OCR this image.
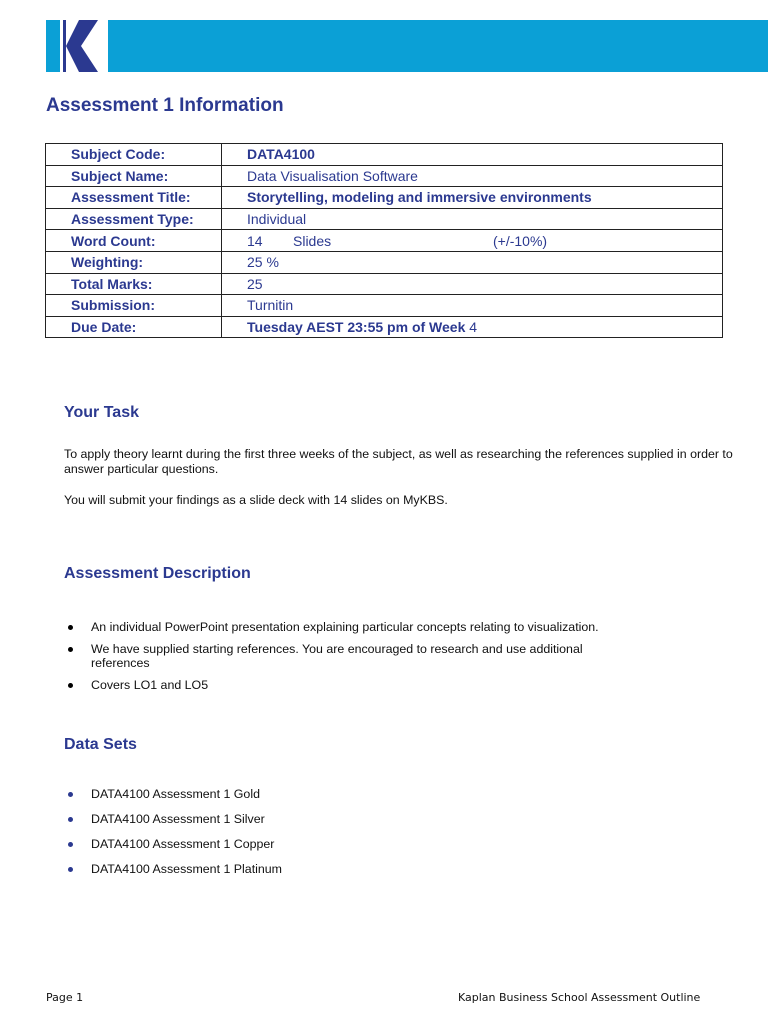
Assessment 1 Information
Subject Code:	DATA4100
Subject Name:	Data Visualisation Software
Assessment Title:	Storytelling, modeling and immersive environments
Assessment Type:	Individual
Word Count:	14 Slides (+/-10%)
Weighting:	25 %
Total Marks:	25
Submission:	Turnitin
Due Date:	Tuesday AEST 23:55 pm of Week 4
Your Task
To apply theory learnt during the first three weeks of the subject, as well as researching the references supplied in order to answer particular questions.
You will submit your findings as a slide deck with 14 slides on MyKBS.
Assessment Description
An individual PowerPoint presentation explaining particular concepts relating to visualization.
We have supplied starting references. You are encouraged to research and use additional references
Covers LO1 and LO5
Data Sets
DATA4100 Assessment 1 Gold
DATA4100 Assessment 1 Silver
DATA4100 Assessment 1 Copper
DATA4100 Assessment 1 Platinum
Page 1	Kaplan Business School Assessment Outline
